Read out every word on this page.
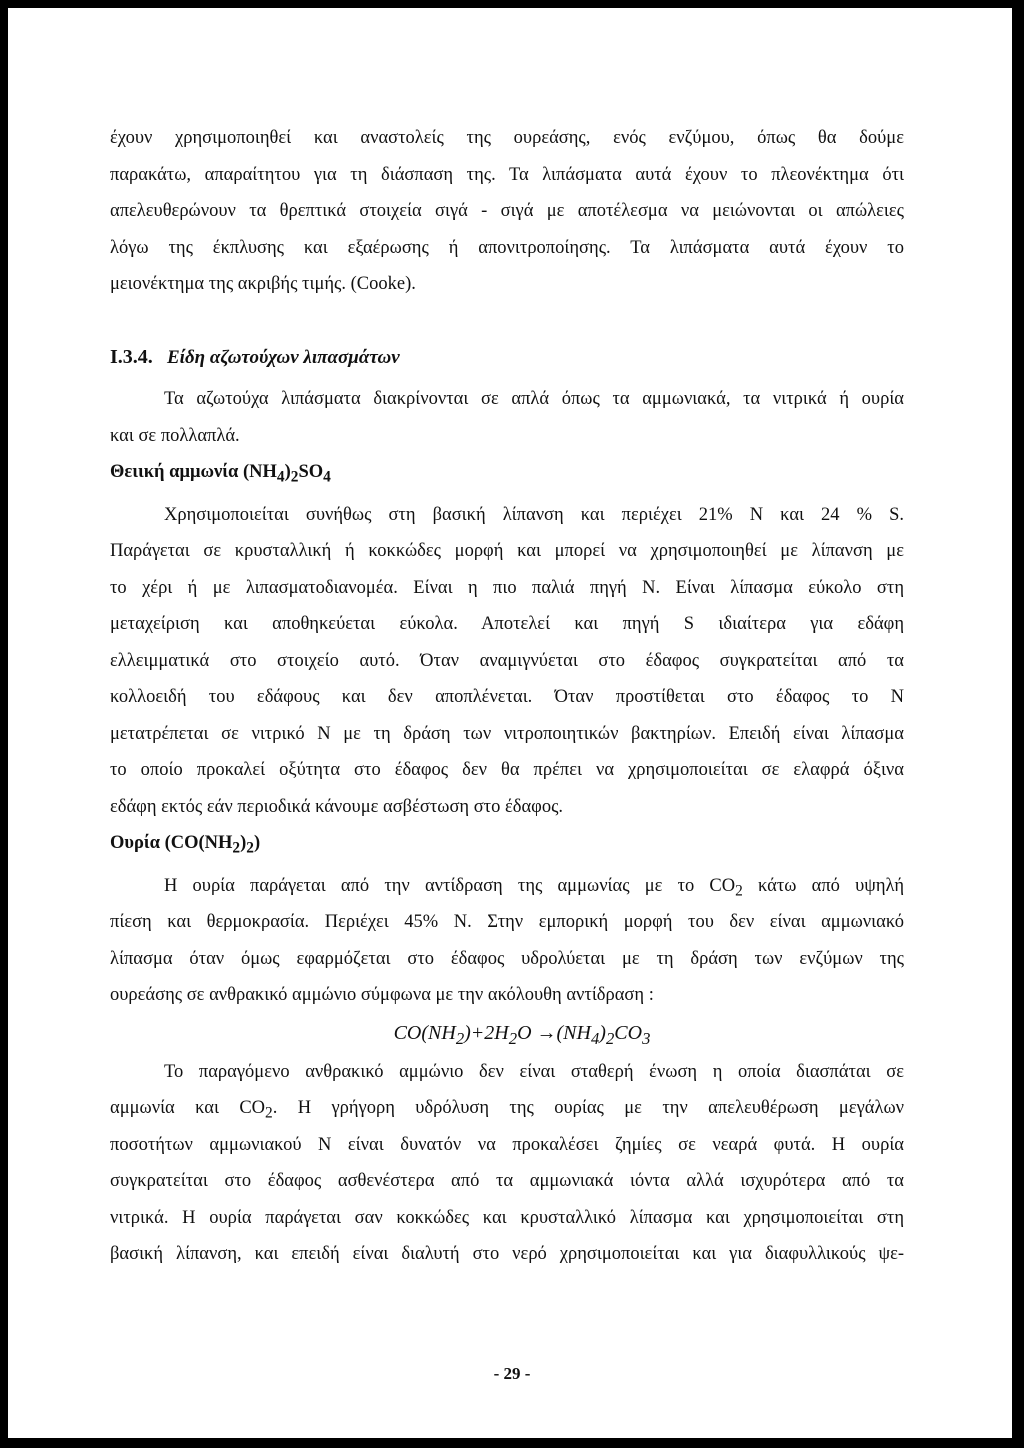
έχουν χρησιμοποιηθεί και αναστολείς της ουρεάσης, ενός ενζύμου, όπως θα δούμε
παρακάτω, απαραίτητου για τη διάσπαση της. Τα λιπάσματα αυτά έχουν το πλεονέκτημα ότι
απελευθερώνουν τα θρεπτικά στοιχεία σιγά - σιγά με αποτέλεσμα να μειώνονται οι απώλειες
λόγω της έκπλυσης και εξαέρωσης ή απονιτροποίησης. Τα λιπάσματα αυτά έχουν το
μειονέκτημα της ακριβής τιμής. (Cooke).
I.3.4. Είδη αζωτούχων λιπασμάτων
Τα αζωτούχα λιπάσματα διακρίνονται σε απλά όπως τα αμμωνιακά, τα νιτρικά ή ουρία
και σε πολλαπλά.
Θειική αμμωνία $(NH_4)_2SO_4$
Χρησιμοποιείται συνήθως στη βασική λίπανση και περιέχει 21% Ν και 24 % S.
Παράγεται σε κρυσταλλική ή κοκκώδες μορφή και μπορεί να χρησιμοποιηθεί με λίπανση με
το χέρι ή με λιπασματοδιανομέα. Είναι η πιο παλιά πηγή Ν. Είναι λίπασμα εύκολο στη
μεταχείριση και αποθηκεύεται εύκολα. Αποτελεί και πηγή S ιδιαίτερα για εδάφη
ελλειμματικά στο στοιχείο αυτό. Όταν αναμιγνύεται στο έδαφος συγκρατείται από τα
κολλοειδή του εδάφους και δεν αποπλένεται. Όταν προστίθεται στο έδαφος το Ν
μετατρέπεται σε νιτρικό Ν με τη δράση των νιτροποιητικών βακτηρίων. Επειδή είναι λίπασμα
το οποίο προκαλεί οξύτητα στο έδαφος δεν θα πρέπει να χρησιμοποιείται σε ελαφρά όξινα
εδάφη εκτός εάν περιοδικά κάνουμε ασβέστωση στο έδαφος.
Ουρία $(CO(NH_2)_2)$
Η ουρία παράγεται από την αντίδραση της αμμωνίας με το $CO_2$ κάτω από υψηλή
πίεση και θερμοκρασία. Περιέχει 45% Ν. Στην εμπορική μορφή του δεν είναι αμμωνιακό
λίπασμα όταν όμως εφαρμόζεται στο έδαφος υδρολύεται με τη δράση των ενζύμων της
ουρεάσης σε ανθρακικό αμμώνιο σύμφωνα με την ακόλουθη αντίδραση :
$CO(NH_2)+2H_2O \to(NH_4)_2CO_3$
Το παραγόμενο ανθρακικό αμμώνιο δεν είναι σταθερή ένωση η οποία διασπάται σε
αμμωνία και $CO_2$. Η γρήγορη υδρόλυση της ουρίας με την απελευθέρωση μεγάλων
ποσοτήτων αμμωνιακού Ν είναι δυνατόν να προκαλέσει ζημίες σε νεαρά φυτά. Η ουρία
συγκρατείται στο έδαφος ασθενέστερα από τα αμμωνιακά ιόντα αλλά ισχυρότερα από τα
νιτρικά. Η ουρία παράγεται σαν κοκκώδες και κρυσταλλικό λίπασμα και χρησιμοποιείται στη
βασική λίπανση, και επειδή είναι διαλυτή στο νερό χρησιμοποιείται και για διαφυλλικούς ψε-
- 29 -
